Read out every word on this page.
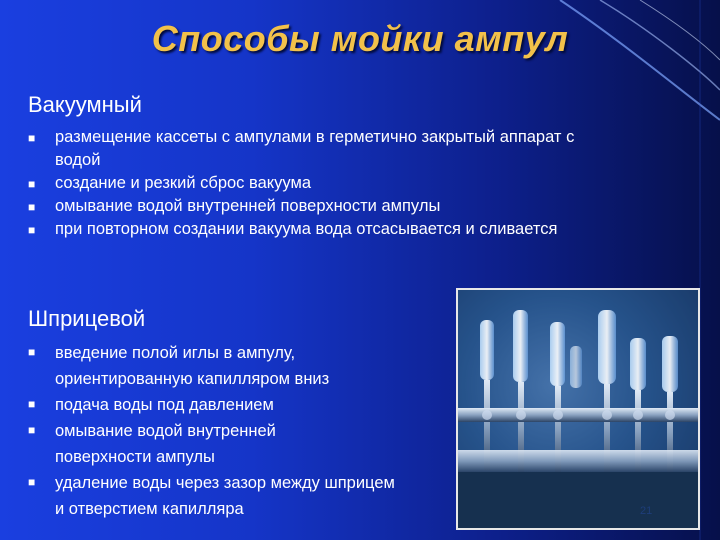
Способы мойки ампул
Вакуумный
■ размещение кассеты с ампулами в герметично закрытый аппарат с водой
■ создание и резкий сброс вакуума
■ омывание водой внутренней поверхности ампулы
■ при повторном создании вакуума вода отсасывается и сливается
Шприцевой
■ введение полой иглы в ампулу, ориентированную капилляром вниз
■ подача воды под давлением
■ омывание водой внутренней поверхности ампулы
■ удаление воды через зазор между шприцем и отверстием капилляра	21
